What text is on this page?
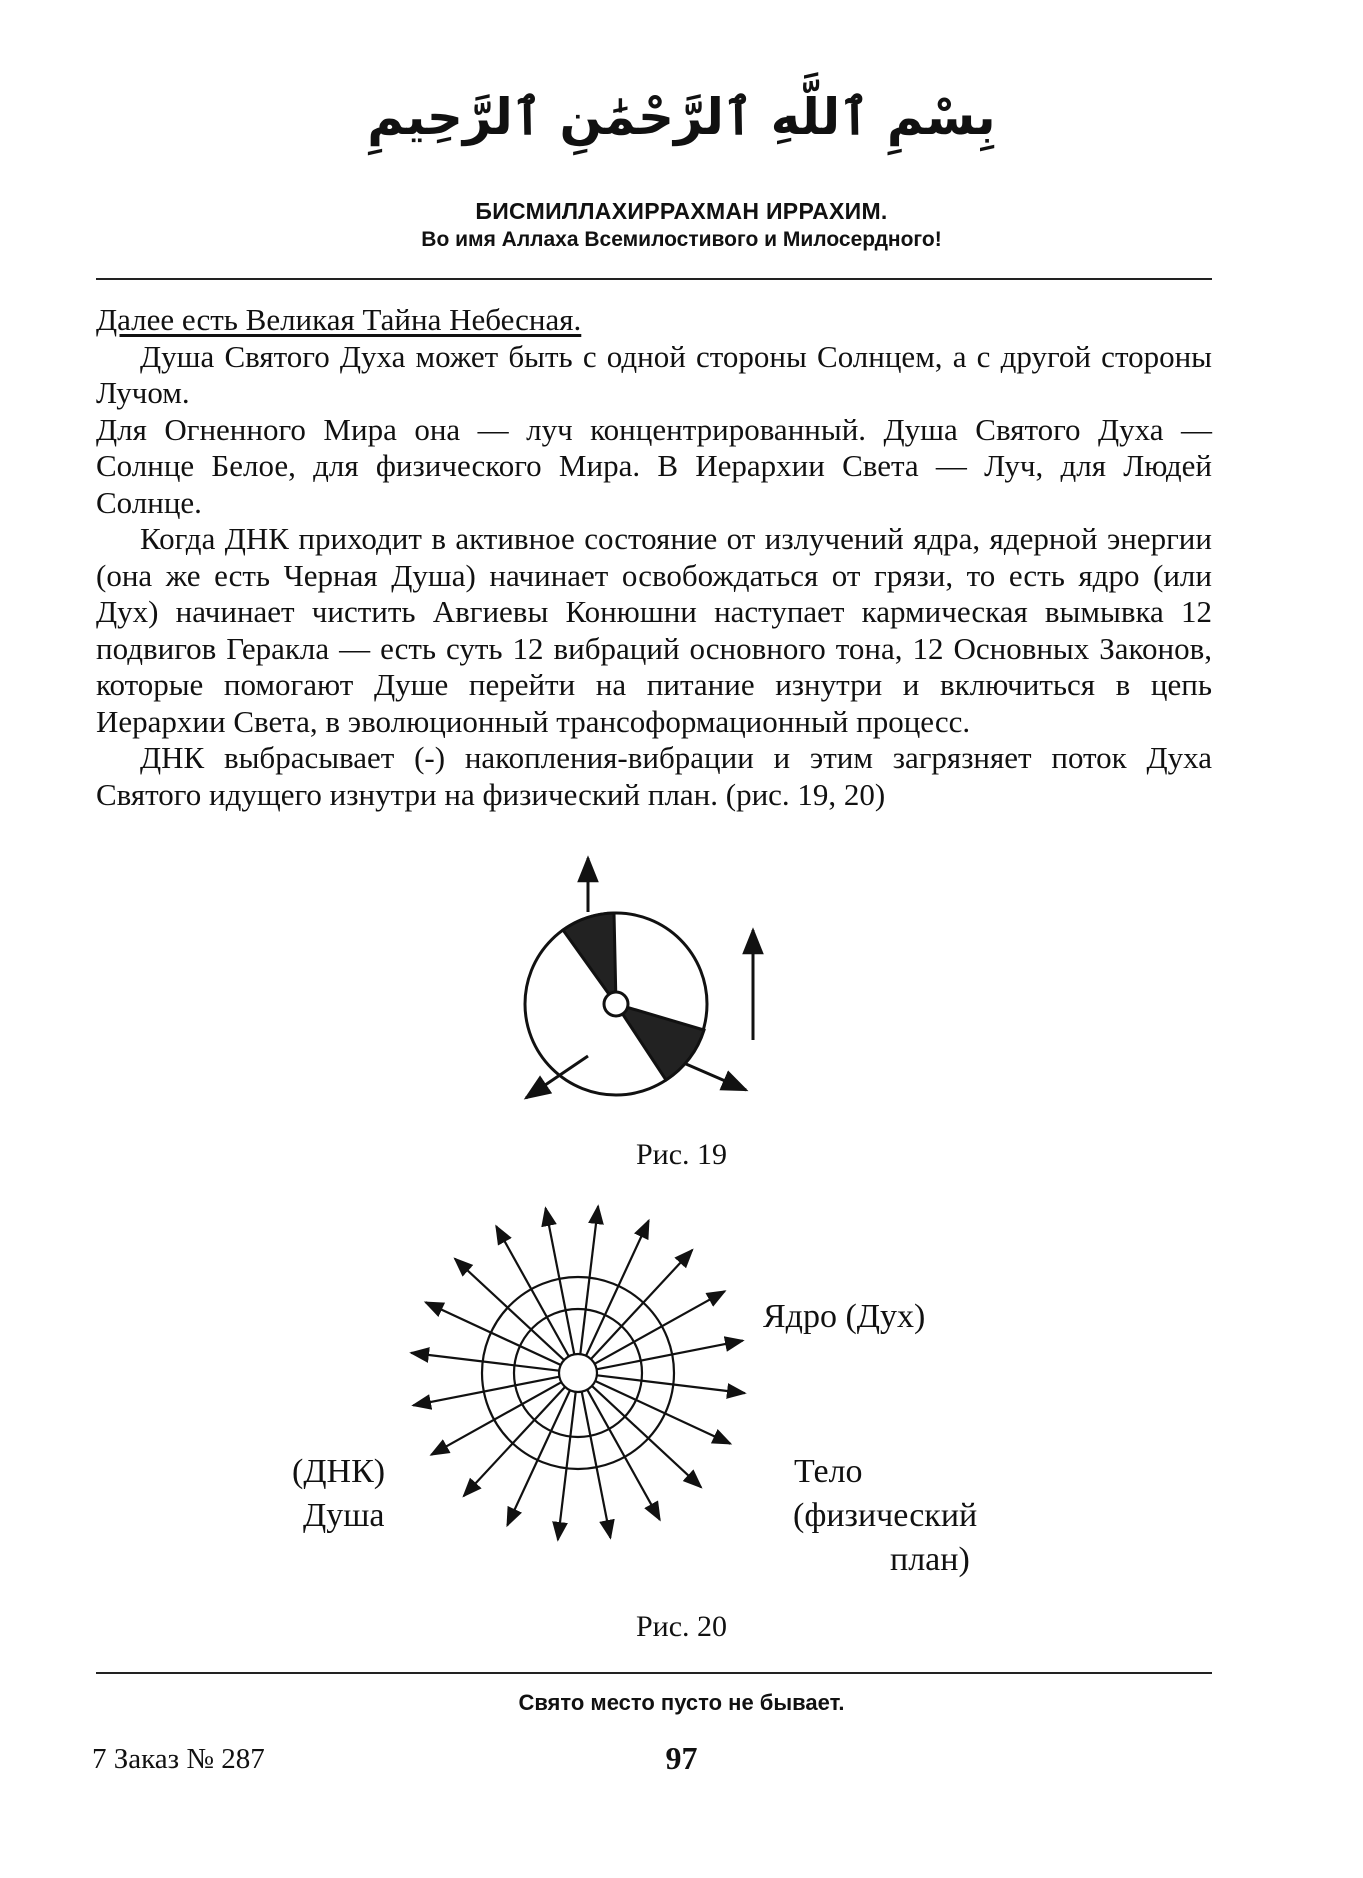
بِسْمِ ٱللَّهِ ٱلرَّحْمَٰنِ ٱلرَّحِيمِ
БИСМИЛЛАХИРРАХМАН ИРРАХИМ.
Во имя Аллаха Всемилостивого и Милосердного!

Далее есть Великая Тайна Небесная.

Душа Святого Духа может быть с одной стороны Солнцем, а с другой стороны Лучом.

Для Огненного Мира она — луч концентрированный. Душа Святого Духа — Солнце Белое, для физического Мира. В Иерархии Света — Луч, для Людей Солнце.

Когда ДНК приходит в активное состояние от излучений ядра, ядерной энергии (она же есть Черная Душа) начинает освобождаться от грязи, то есть ядро (или Дух) начинает чистить Авгиевы Конюшни наступает кармическая вымывка 12 подвигов Геракла — есть суть 12 вибраций основного тона, 12 Основных Законов, которые помогают Душе перейти на питание изнутри и включиться в цепь Иерархии Света, в эволюционный трансоформационный процесс.

ДНК выбрасывает (-) накопления-вибрации и этим загрязняет поток Духа Святого идущего изнутри на физический план. (рис. 19, 20)

Рис. 19
Ядро (Дух)
(ДНК)
Душа
Тело
(физический
план)
Рис. 20
Свято место пусто не бывает.
7 Заказ № 287	97
